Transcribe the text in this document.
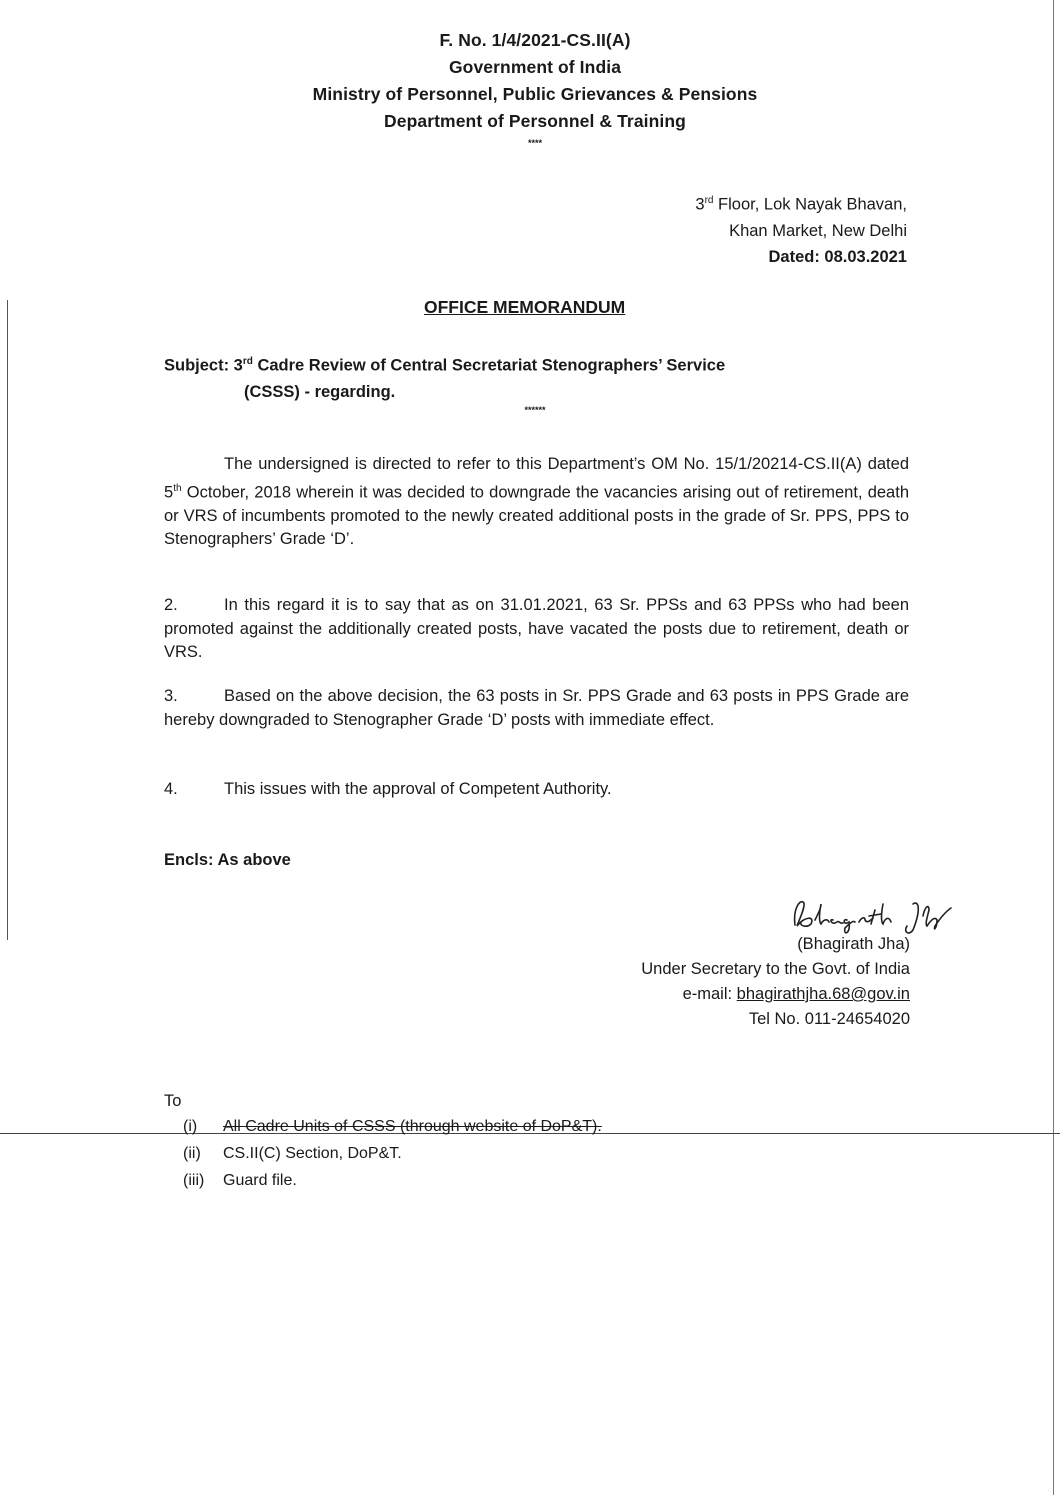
F. No. 1/4/2021-CS.II(A)
Government of India
Ministry of Personnel, Public Grievances & Pensions
Department of Personnel & Training
****
3rd Floor, Lok Nayak Bhavan,
Khan Market, New Delhi
Dated: 08.03.2021
OFFICE MEMORANDUM
Subject: 3rd Cadre Review of Central Secretariat Stenographers’ Service
(CSSS) - regarding.
******
The undersigned is directed to refer to this Department’s OM No. 15/1/20214-CS.II(A) dated 5th October, 2018 wherein it was decided to downgrade the vacancies arising out of retirement, death or VRS of incumbents promoted to the newly created additional posts in the grade of Sr. PPS, PPS to Stenographers’ Grade ‘D’.
2.	In this regard it is to say that as on 31.01.2021, 63 Sr. PPSs and 63 PPSs who had been promoted against the additionally created posts, have vacated the posts due to retirement, death or VRS.
3.	Based on the above decision, the 63 posts in Sr. PPS Grade and 63 posts in PPS Grade are hereby downgraded to Stenographer Grade ‘D’ posts with immediate effect.
4.	This issues with the approval of Competent Authority.
Encls: As above
(Bhagirath Jha)
Under Secretary to the Govt. of India
e-mail: bhagirathjha.68@gov.in
Tel No. 011-24654020
To
(i) All Cadre Units of CSSS (through website of DoP&T).
(ii) CS.II(C) Section, DoP&T.
(iii) Guard file.
